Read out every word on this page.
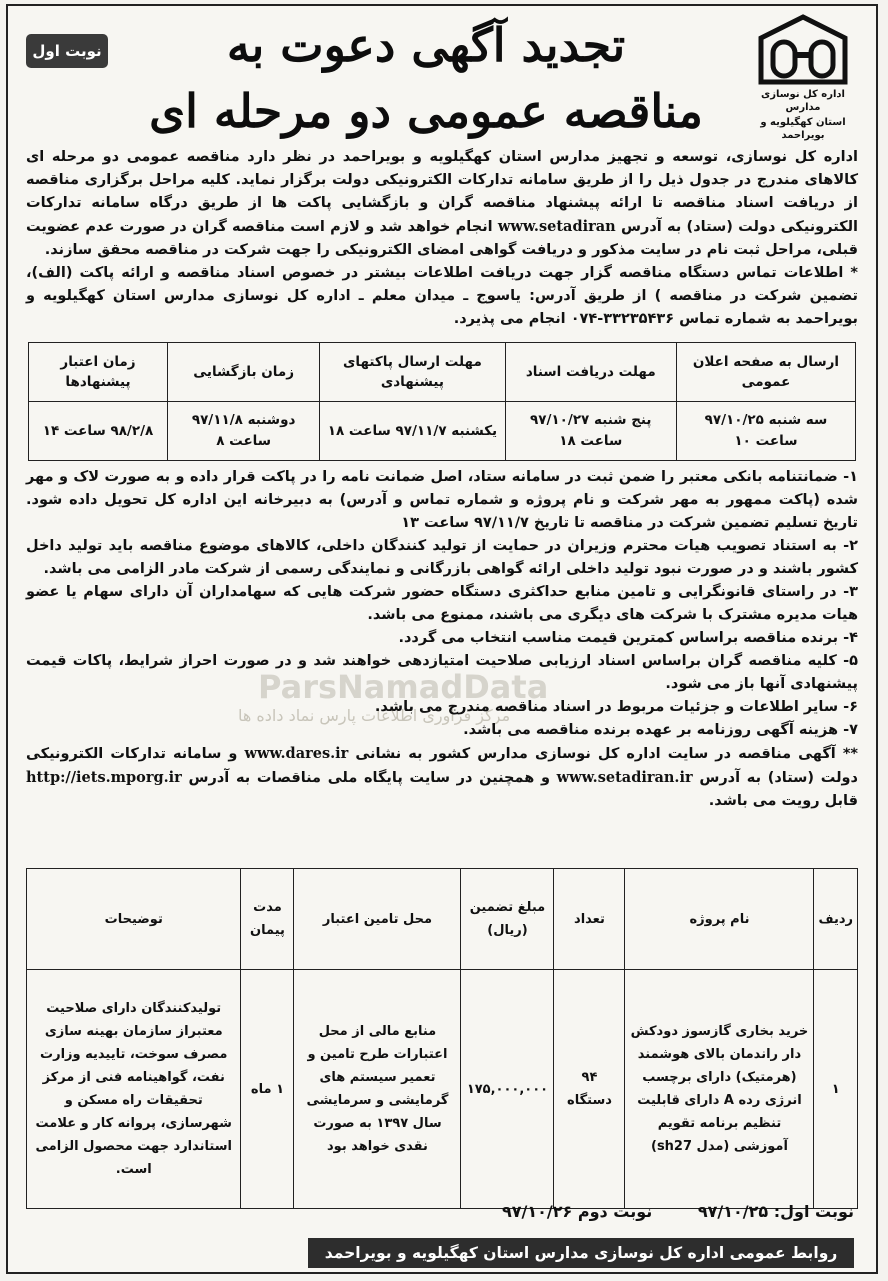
اداره کل نوسازی مدارس
استان کهگیلویه و بویراحمد
تجدید آگهی دعوت به
مناقصه عمومی دو مرحله ای
نوبت اول
ParsNamadData
مرکز فراوری اطلاعات پارس نماد داده ها
اداره کل نوسازی، توسعه و تجهیز مدارس استان کهگیلویه و بویراحمد در نظر دارد مناقصه عمومی دو مرحله ای کالاهای مندرج در جدول ذیل را از طریق سامانه تدارکات الکترونیکی دولت برگزار نماید. کلیه مراحل برگزاری مناقصه از دریافت اسناد مناقصه تا ارائه پیشنهاد مناقصه گران و بازگشایی پاکت ها از طریق درگاه سامانه تدارکات الکترونیکی دولت (ستاد) به آدرس www.setadiran انجام خواهد شد و لازم است مناقصه گران در صورت عدم عضویت قبلی، مراحل ثبت نام در سایت مذکور و دریافت گواهی امضای الکترونیکی را جهت شرکت در مناقصه محقق سازند.
* اطلاعات تماس دستگاه مناقصه گزار جهت دریافت اطلاعات بیشتر در خصوص اسناد مناقصه و ارائه پاکت (الف)، تضمین شرکت در مناقصه ) از طریق آدرس: یاسوج ـ میدان معلم ـ اداره کل نوسازی مدارس استان کهگیلویه و بویراحمد به شماره تماس ۳۳۲۳۵۴۳۶-۰۷۴ انجام می پذیرد.
ارسال به صفحه اعلان عمومی	مهلت دریافت اسناد	مهلت ارسال پاکتهای پیشنهادی	زمان بازگشایی	زمان اعتبار پیشنهادها
سه شنبه ۹۷/۱۰/۲۵ ساعت ۱۰	پنج شنبه ۹۷/۱۰/۲۷ ساعت ۱۸	یکشنبه ۹۷/۱۱/۷ ساعت ۱۸	دوشنبه ۹۷/۱۱/۸ ساعت ۸	۹۸/۲/۸ ساعت ۱۴

۱- ضمانتنامه بانکی معتبر را ضمن ثبت در سامانه ستاد، اصل ضمانت نامه را در پاکت قرار داده و به صورت لاک و مهر شده (پاکت ممهور به مهر شرکت و نام پروژه و شماره تماس و آدرس) به دبیرخانه این اداره کل تحویل داده شود. تاریخ تسلیم تضمین شرکت در مناقصه تا تاریخ ۹۷/۱۱/۷ ساعت ۱۳

۲- به استناد تصویب هیات محترم وزیران در حمایت از تولید کنندگان داخلی، کالاهای موضوع مناقصه باید تولید داخل کشور باشند و در صورت نبود تولید داخلی ارائه گواهی بازرگانی و نمایندگی رسمی از شرکت مادر الزامی می باشد.

۳- در راستای قانونگرایی و تامین منابع حداکثری دستگاه حضور شرکت هایی که سهامداران آن دارای سهام یا عضو هیات مدیره مشترک با شرکت های دیگری می باشند، ممنوع می باشد.

۴- برنده مناقصه براساس کمترین قیمت مناسب انتخاب می گردد.

۵- کلیه مناقصه گران براساس اسناد ارزیابی صلاحیت امتیازدهی خواهند شد و در صورت احراز شرایط، پاکات قیمت پیشنهادی آنها باز می شود.

۶- سایر اطلاعات و جزئیات مربوط در اسناد مناقصه مندرج می باشد.

۷- هزینه آگهی روزنامه بر عهده برنده مناقصه می باشد.

** آگهی مناقصه در سایت اداره کل نوسازی مدارس کشور به نشانی www.dares.ir و سامانه تدارکات الکترونیکی دولت (ستاد) به آدرس www.setadiran.ir و همچنین در سایت پایگاه ملی مناقصات به آدرس http://iets.mporg.ir قابل رویت می باشد.

ردیف	نام پروژه	تعداد	مبلغ تضمین (ریال)	محل تامین اعتبار	مدت پیمان	توضیحات
۱	خرید بخاری گازسوز دودکش دار راندمان بالای هوشمند (هرمتیک) دارای برچسب انرژی رده A دارای قابلیت تنظیم برنامه تقویم آموزشی (مدل sh27)	۹۴ دستگاه	۱۷۵,۰۰۰,۰۰۰	منابع مالی از محل اعتبارات طرح تامین و تعمیر سیستم های گرمایشی و سرمایشی سال ۱۳۹۷ به صورت نقدی خواهد بود	۱ ماه	تولیدکنندگان دارای صلاحیت معتبراز سازمان بهینه سازی مصرف سوخت، تاییدیه وزارت نفت، گواهینامه فنی از مرکز تحقیقات راه مسکن و شهرسازی، پروانه کار و علامت استاندارد جهت محصول الزامی است.
نوبت اول: ۹۷/۱۰/۲۵ نوبت دوم ۹۷/۱۰/۲۶
روابط عمومی اداره کل نوسازی مدارس استان کهگیلویه و بویراحمد
